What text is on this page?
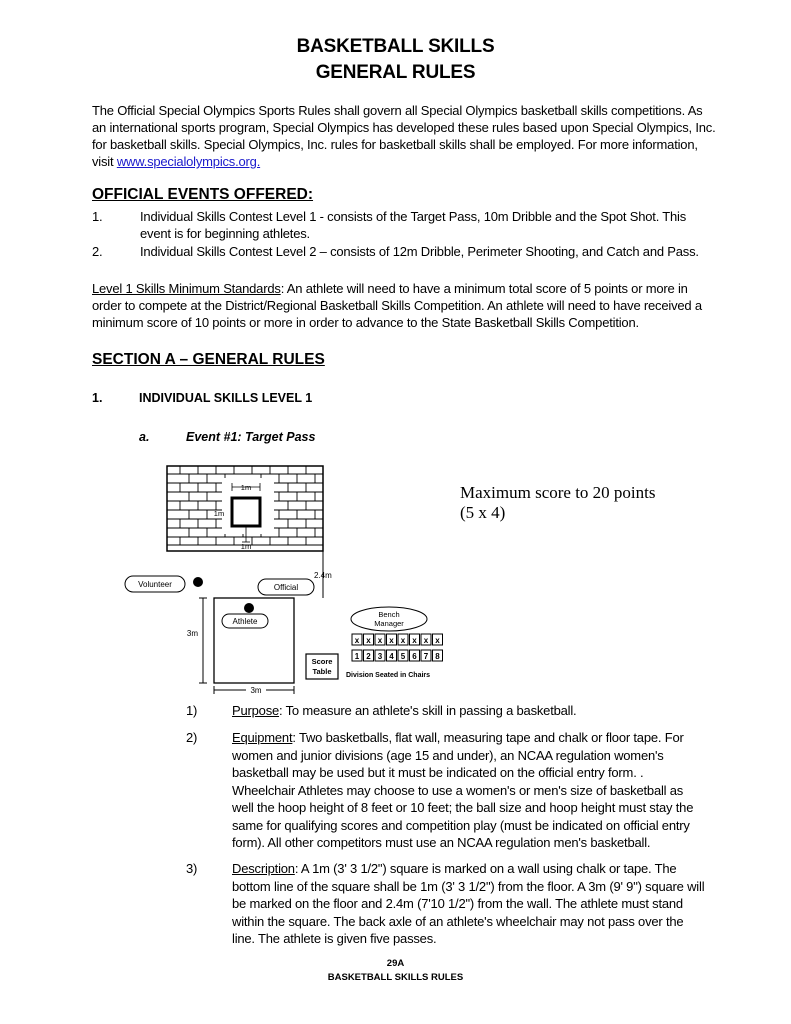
BASKETBALL SKILLS
GENERAL RULES
The Official Special Olympics Sports Rules shall govern all Special Olympics basketball skills competitions. As an international sports program, Special Olympics has developed these rules based upon Special Olympics, Inc. for basketball skills. Special Olympics, Inc. rules for basketball skills shall be employed. For more information, visit www.specialolympics.org.
OFFICIAL EVENTS OFFERED:
1.	Individual Skills Contest Level 1 - consists of the Target Pass, 10m Dribble and the Spot Shot. This event is for beginning athletes.
2.	Individual Skills Contest Level 2 – consists of 12m Dribble, Perimeter Shooting, and Catch and Pass.
Level 1 Skills Minimum Standards: An athlete will need to have a minimum total score of 5 points or more in order to compete at the District/Regional Basketball Skills Competition. An athlete will need to have received a minimum score of 10 points or more in order to advance to the State Basketball Skills Competition.
SECTION A – GENERAL RULES
1.	INDIVIDUAL SKILLS LEVEL 1
a.	Event #1: Target Pass
1m
1m
1m
2.4m
Volunteer	Official
Athlete
3m
3m
Score
Table
Bench
Manager
x x x x x x x x
1 2 3 4 5 6 7 8
Division Seated in Chairs
Maximum score to 20 points
(5 x 4)
1)	Purpose: To measure an athlete's skill in passing a basketball.
2)	Equipment: Two basketballs, flat wall, measuring tape and chalk or floor tape. For women and junior divisions (age 15 and under), an NCAA regulation women's basketball may be used but it must be indicated on the official entry form. . Wheelchair Athletes may choose to use a women's or men's size of basketball as well the hoop height of 8 feet or 10 feet; the ball size and hoop height must stay the same for qualifying scores and competition play (must be indicated on official entry form). All other competitors must use an NCAA regulation men's basketball.
3)	Description: A 1m (3' 3 1/2") square is marked on a wall using chalk or tape. The bottom line of the square shall be 1m (3' 3 1/2") from the floor. A 3m (9' 9") square will be marked on the floor and 2.4m (7'10 1/2") from the wall. The athlete must stand within the square. The back axle of an athlete's wheelchair may not pass over the line. The athlete is given five passes.
29A
BASKETBALL SKILLS RULES
